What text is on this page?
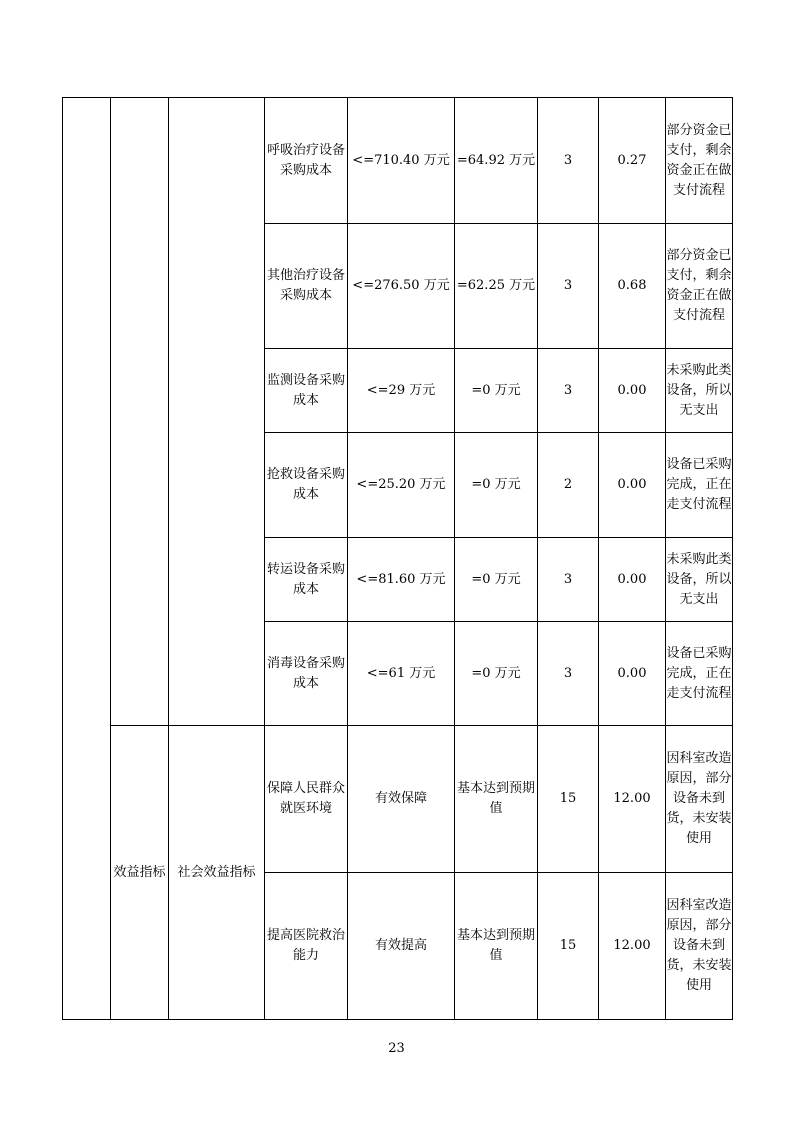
			呼吸治疗设备采购成本	<=710.40 万元	=64.92 万元	3	0.27	部分资金已支付，剩余资金正在做支付流程
			其他治疗设备采购成本	<=276.50 万元	=62.25 万元	3	0.68	部分资金已支付，剩余资金正在做支付流程
			监测设备采购成本	<=29 万元	=0 万元	3	0.00	未采购此类设备，所以无支出
			抢救设备采购成本	<=25.20 万元	=0 万元	2	0.00	设备已采购完成，正在走支付流程
			转运设备采购成本	<=81.60 万元	=0 万元	3	0.00	未采购此类设备，所以无支出
			消毒设备采购成本	<=61 万元	=0 万元	3	0.00	设备已采购完成，正在走支付流程
	效益指标	社会效益指标	保障人民群众就医环境	有效保障	基本达到预期值	15	12.00	因科室改造原因，部分设备未到货，未安装使用
			提高医院救治能力	有效提高	基本达到预期值	15	12.00	因科室改造原因，部分设备未到货，未安装使用
23
